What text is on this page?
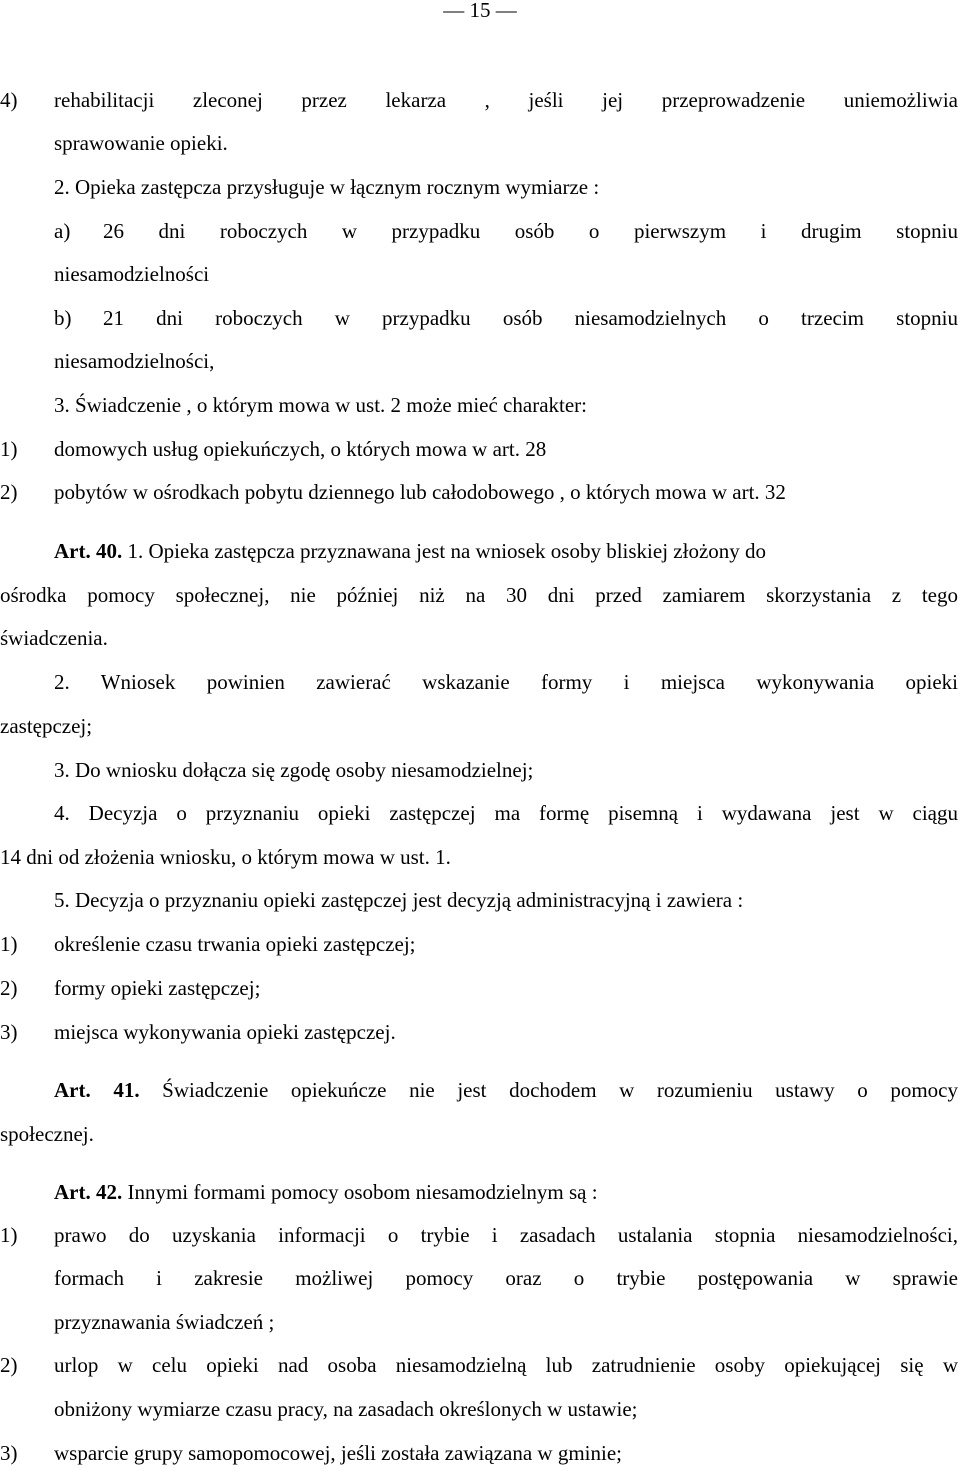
— 15 —
4) rehabilitacji zleconej przez lekarza , jeśli jej przeprowadzenie uniemożliwia
sprawowanie opieki.
2. Opieka zastępcza przysługuje w łącznym rocznym wymiarze :
a) 26 dni roboczych w przypadku osób o pierwszym i drugim stopniu
niesamodzielności
b) 21 dni roboczych w przypadku osób niesamodzielnych o trzecim stopniu
niesamodzielności,
3. Świadczenie , o którym mowa w ust. 2 może mieć charakter:
1) domowych usług opiekuńczych, o których mowa w art. 28
2) pobytów w ośrodkach pobytu dziennego lub całodobowego , o których mowa w art. 32
Art. 40. 1. Opieka zastępcza przyznawana jest na wniosek osoby bliskiej złożony do
ośrodka pomocy społecznej, nie później niż na 30 dni przed zamiarem skorzystania z tego
świadczenia.
2. Wniosek powinien zawierać wskazanie formy i miejsca wykonywania opieki
zastępczej;
3. Do wniosku dołącza się zgodę osoby niesamodzielnej;
4. Decyzja o przyznaniu opieki zastępczej ma formę pisemną i wydawana jest w ciągu
14 dni od złożenia wniosku, o którym mowa w ust. 1.
5. Decyzja o przyznaniu opieki zastępczej jest decyzją administracyjną i zawiera :
1) określenie czasu trwania opieki zastępczej;
2) formy opieki zastępczej;
3) miejsca wykonywania opieki zastępczej.
Art. 41. Świadczenie opiekuńcze nie jest dochodem w rozumieniu ustawy o pomocy
społecznej.
Art. 42. Innymi formami pomocy osobom niesamodzielnym są :
1) prawo do uzyskania informacji o trybie i zasadach ustalania stopnia niesamodzielności,
formach i zakresie możliwej pomocy oraz o trybie postępowania w sprawie
przyznawania świadczeń ;
2) urlop w celu opieki nad osoba niesamodzielną lub zatrudnienie osoby opiekującej się w
obniżony wymiarze czasu pracy, na zasadach określonych w ustawie;
3) wsparcie grupy samopomocowej, jeśli została zawiązana w gminie;
